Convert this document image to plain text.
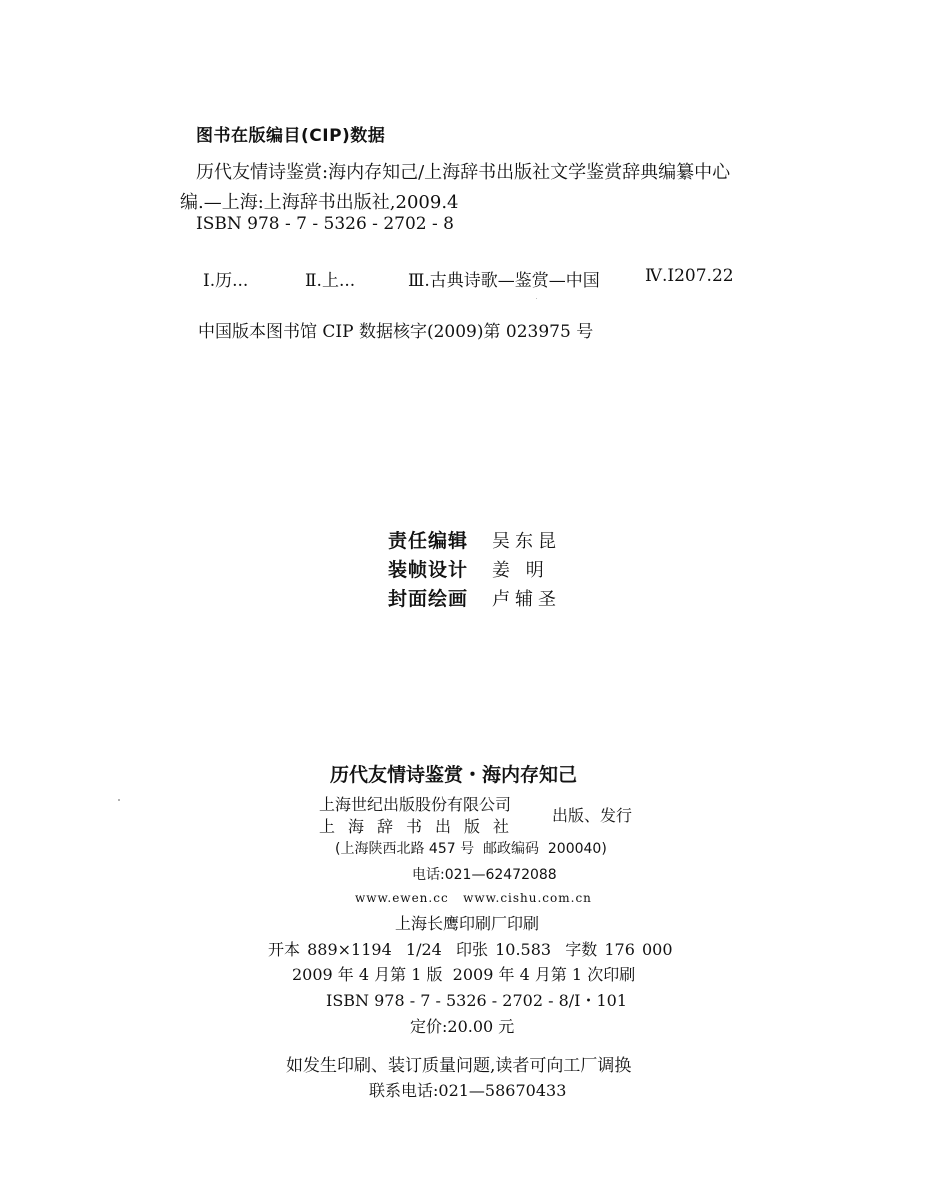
图书在版编目(CIP)数据
历代友情诗鉴赏:海内存知己/上海辞书出版社文学鉴赏辞典编纂中心
编.—上海:上海辞书出版社,2009.4
ISBN 978 - 7 - 5326 - 2702 - 8
Ⅰ.历...	Ⅱ.上...	Ⅲ.古典诗歌—鉴赏—中国	Ⅳ.I207.22
中国版本图书馆 CIP 数据核字(2009)第 023975 号
责任编辑	吴东昆
装帧设计	姜 明
封面绘画	卢辅圣
历代友情诗鉴赏・海内存知己
上海世纪出版股份有限公司
上海辞书出版社
出版、发行
(上海陕西北路 457 号  邮政编码  200040)
电话:021—62472088
www.ewen.cc   www.cishu.com.cn
上海长鹰印刷厂印刷
开本 889×1194  1/24  印张 10.583  字数 176 000
2009 年 4 月第 1 版  2009 年 4 月第 1 次印刷
ISBN 978 - 7 - 5326 - 2702 - 8/I・101
定价:20.00 元
如发生印刷、装订质量问题,读者可向工厂调换
联系电话:021—58670433
